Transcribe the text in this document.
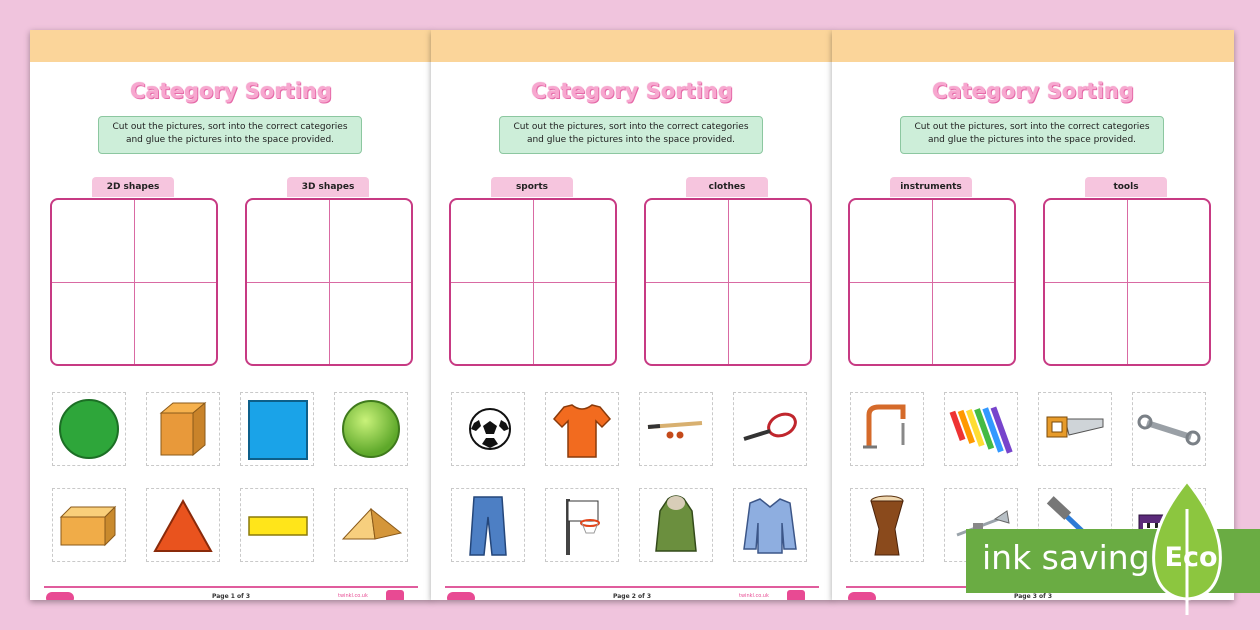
Category Sorting
Cut out the pictures, sort into the correct categories and glue the pictures into the space provided.
2D shapes	3D shapes
Page 1 of 3	twinkl.co.uk
Category Sorting
Cut out the pictures, sort into the correct categories and glue the pictures into the space provided.
sports	clothes
Page 2 of 3	twinkl.co.uk
Category Sorting
Cut out the pictures, sort into the correct categories and glue the pictures into the space provided.
instruments	tools
Page 3 of 3
ink saving Eco
